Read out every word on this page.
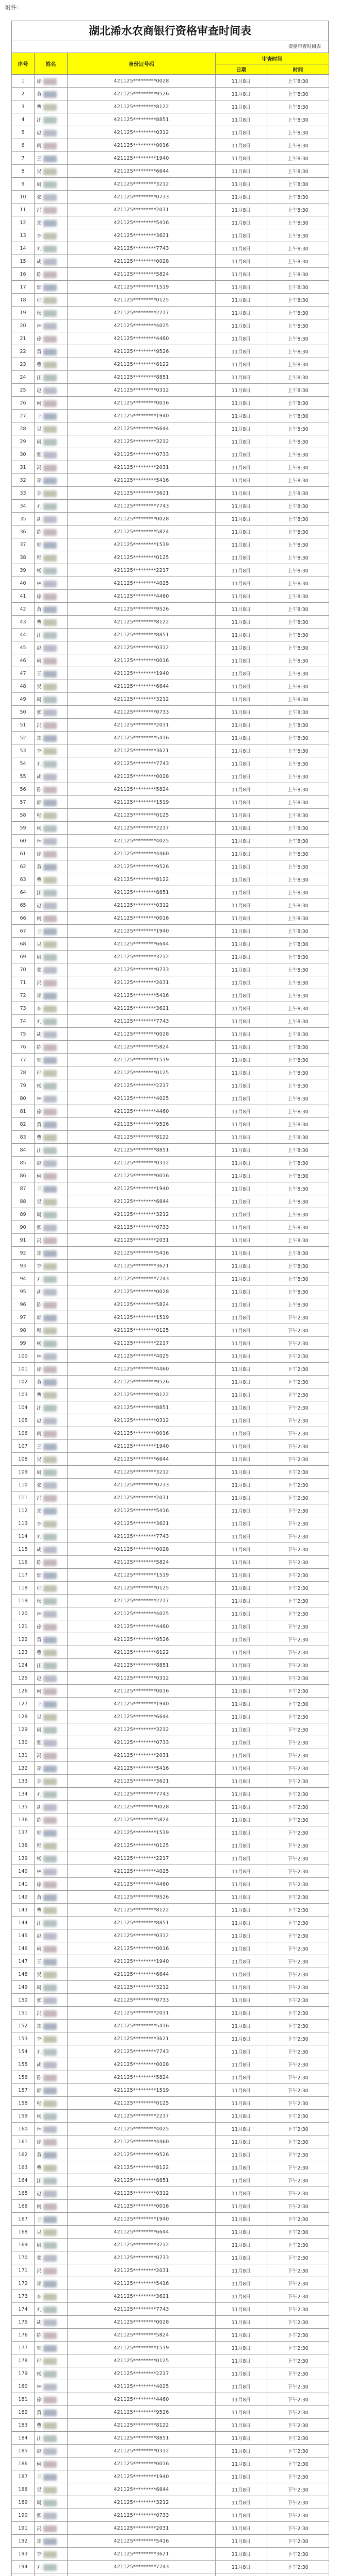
附件:
湖北浠水农商银行资格审查时间表
资格审查时间表
序号	姓名	身份证号码	审查时间	
			日期	时间
1	徐	421125*********0028	11月8日	上午8:30
2	黄	421125*********9526	11月8日	上午8:30
3	曹	421125*********8122	11月8日	上午8:30
4	汪	421125*********8851	11月8日	上午8:30
5	赵	421125*********0312	11月8日	上午8:30
6	何	421125*********0016	11月8日	上午8:30
7	王	421125*********1940	11月8日	上午8:30
8	吴	421125*********6644	11月8日	上午8:30
9	周	421125*********3212	11月8日	上午8:30
10	张	421125*********0733	11月8日	上午8:30
11	冯	421125*********2031	11月8日	上午8:30
12	郑	421125*********5416	11月8日	上午8:30
13	李	421125*********3621	11月8日	上午8:30
14	刘	421125*********7743	11月8日	上午8:30
15	胡	421125*********0028	11月8日	上午8:30
16	陈	421125*********5824	11月8日	上午8:30
17	郭	421125*********1519	11月8日	上午8:30
18	程	421125*********0125	11月8日	上午8:30
19	杨	421125*********2217	11月8日	上午8:30
20	林	421125*********4025	11月8日	上午8:30
21	徐	421125*********4460	11月8日	上午8:30
22	黄	421125*********9526	11月8日	上午8:30
23	曹	421125*********8122	11月8日	上午8:30
24	汪	421125*********8851	11月8日	上午8:30
25	赵	421125*********0312	11月8日	上午8:30
26	何	421125*********0016	11月8日	上午8:30
27	王	421125*********1940	11月8日	上午8:30
28	吴	421125*********6644	11月8日	上午8:30
29	周	421125*********3212	11月8日	上午8:30
30	张	421125*********0733	11月8日	上午8:30
31	冯	421125*********2031	11月8日	上午8:30
32	郑	421125*********5416	11月8日	上午8:30
33	李	421125*********3621	11月8日	上午8:30
34	刘	421125*********7743	11月8日	上午8:30
35	胡	421125*********0028	11月8日	上午8:30
36	陈	421125*********5824	11月8日	上午8:30
37	郭	421125*********1519	11月8日	上午8:30
38	程	421125*********0125	11月8日	上午8:30
39	杨	421125*********2217	11月8日	上午8:30
40	林	421125*********4025	11月8日	上午8:30
41	徐	421125*********4460	11月8日	上午8:30
42	黄	421125*********9526	11月8日	上午8:30
43	曹	421125*********8122	11月8日	上午8:30
44	汪	421125*********8851	11月8日	上午8:30
45	赵	421125*********0312	11月8日	上午8:30
46	何	421125*********0016	11月8日	上午8:30
47	王	421125*********1940	11月8日	上午8:30
48	吴	421125*********6644	11月8日	上午8:30
49	周	421125*********3212	11月8日	上午8:30
50	张	421125*********0733	11月8日	上午8:30
51	冯	421125*********2031	11月8日	上午8:30
52	郑	421125*********5416	11月8日	上午8:30
53	李	421125*********3621	11月8日	上午8:30
54	刘	421125*********7743	11月8日	上午8:30
55	胡	421125*********0028	11月8日	上午8:30
56	陈	421125*********5824	11月8日	上午8:30
57	郭	421125*********1519	11月8日	上午8:30
58	程	421125*********0125	11月8日	上午8:30
59	杨	421125*********2217	11月8日	上午8:30
60	林	421125*********4025	11月8日	上午8:30
61	徐	421125*********4460	11月8日	上午8:30
62	黄	421125*********9526	11月8日	上午8:30
63	曹	421125*********8122	11月8日	上午8:30
64	汪	421125*********8851	11月8日	上午8:30
65	赵	421125*********0312	11月8日	上午8:30
66	何	421125*********0016	11月8日	上午8:30
67	王	421125*********1940	11月8日	上午8:30
68	吴	421125*********6644	11月8日	上午8:30
69	周	421125*********3212	11月8日	上午8:30
70	张	421125*********0733	11月8日	上午8:30
71	冯	421125*********2031	11月8日	上午8:30
72	郑	421125*********5416	11月8日	上午8:30
73	李	421125*********3621	11月8日	上午8:30
74	刘	421125*********7743	11月8日	上午8:30
75	胡	421125*********0028	11月8日	上午8:30
76	陈	421125*********5824	11月8日	上午8:30
77	郭	421125*********1519	11月8日	上午8:30
78	程	421125*********0125	11月8日	上午8:30
79	杨	421125*********2217	11月8日	上午8:30
80	林	421125*********4025	11月8日	上午8:30
81	徐	421125*********4460	11月8日	上午8:30
82	黄	421125*********9526	11月8日	上午8:30
83	曹	421125*********8122	11月8日	上午8:30
84	汪	421125*********8851	11月8日	上午8:30
85	赵	421125*********0312	11月8日	上午8:30
86	何	421125*********0016	11月8日	上午8:30
87	王	421125*********1940	11月8日	上午8:30
88	吴	421125*********6644	11月8日	上午8:30
89	周	421125*********3212	11月8日	上午8:30
90	张	421125*********0733	11月8日	上午8:30
91	冯	421125*********2031	11月8日	上午8:30
92	郑	421125*********5416	11月8日	上午8:30
93	李	421125*********3621	11月8日	上午8:30
94	刘	421125*********7743	11月8日	上午8:30
95	胡	421125*********0028	11月8日	上午8:30
96	陈	421125*********5824	11月8日	上午8:30
97	郭	421125*********1519	11月8日	下午2:30
98	程	421125*********0125	11月8日	下午2:30
99	杨	421125*********2217	11月8日	下午2:30
100	林	421125*********4025	11月8日	下午2:30
101	徐	421125*********4460	11月8日	下午2:30
102	黄	421125*********9526	11月8日	下午2:30
103	曹	421125*********8122	11月8日	下午2:30
104	汪	421125*********8851	11月8日	下午2:30
105	赵	421125*********0312	11月8日	下午2:30
106	何	421125*********0016	11月8日	下午2:30
107	王	421125*********1940	11月8日	下午2:30
108	吴	421125*********6644	11月8日	下午2:30
109	周	421125*********3212	11月8日	下午2:30
110	张	421125*********0733	11月8日	下午2:30
111	冯	421125*********2031	11月8日	下午2:30
112	郑	421125*********5416	11月8日	下午2:30
113	李	421125*********3621	11月8日	下午2:30
114	刘	421125*********7743	11月8日	下午2:30
115	胡	421125*********0028	11月8日	下午2:30
116	陈	421125*********5824	11月8日	下午2:30
117	郭	421125*********1519	11月8日	下午2:30
118	程	421125*********0125	11月8日	下午2:30
119	杨	421125*********2217	11月8日	下午2:30
120	林	421125*********4025	11月8日	下午2:30
121	徐	421125*********4460	11月8日	下午2:30
122	黄	421125*********9526	11月8日	下午2:30
123	曹	421125*********8122	11月8日	下午2:30
124	汪	421125*********8851	11月8日	下午2:30
125	赵	421125*********0312	11月8日	下午2:30
126	何	421125*********0016	11月8日	下午2:30
127	王	421125*********1940	11月8日	下午2:30
128	吴	421125*********6644	11月8日	下午2:30
129	周	421125*********3212	11月8日	下午2:30
130	张	421125*********0733	11月8日	下午2:30
131	冯	421125*********2031	11月8日	下午2:30
132	郑	421125*********5416	11月8日	下午2:30
133	李	421125*********3621	11月8日	下午2:30
134	刘	421125*********7743	11月8日	下午2:30
135	胡	421125*********0028	11月8日	下午2:30
136	陈	421125*********5824	11月8日	下午2:30
137	郭	421125*********1519	11月8日	下午2:30
138	程	421125*********0125	11月8日	下午2:30
139	杨	421125*********2217	11月8日	下午2:30
140	林	421125*********4025	11月8日	下午2:30
141	徐	421125*********4460	11月8日	下午2:30
142	黄	421125*********9526	11月8日	下午2:30
143	曹	421125*********8122	11月8日	下午2:30
144	汪	421125*********8851	11月8日	下午2:30
145	赵	421125*********0312	11月8日	下午2:30
146	何	421125*********0016	11月8日	下午2:30
147	王	421125*********1940	11月8日	下午2:30
148	吴	421125*********6644	11月8日	下午2:30
149	周	421125*********3212	11月8日	下午2:30
150	张	421125*********0733	11月8日	下午2:30
151	冯	421125*********2031	11月8日	下午2:30
152	郑	421125*********5416	11月8日	下午2:30
153	李	421125*********3621	11月8日	下午2:30
154	刘	421125*********7743	11月8日	下午2:30
155	胡	421125*********0028	11月8日	下午2:30
156	陈	421125*********5824	11月8日	下午2:30
157	郭	421125*********1519	11月8日	下午2:30
158	程	421125*********0125	11月8日	下午2:30
159	杨	421125*********2217	11月8日	下午2:30
160	林	421125*********4025	11月8日	下午2:30
161	徐	421125*********4460	11月8日	下午2:30
162	黄	421125*********9526	11月8日	下午2:30
163	曹	421125*********8122	11月8日	下午2:30
164	汪	421125*********8851	11月8日	下午2:30
165	赵	421125*********0312	11月8日	下午2:30
166	何	421125*********0016	11月8日	下午2:30
167	王	421125*********1940	11月8日	下午2:30
168	吴	421125*********6644	11月8日	下午2:30
169	周	421125*********3212	11月8日	下午2:30
170	张	421125*********0733	11月8日	下午2:30
171	冯	421125*********2031	11月8日	下午2:30
172	郑	421125*********5416	11月8日	下午2:30
173	李	421125*********3621	11月8日	下午2:30
174	刘	421125*********7743	11月8日	下午2:30
175	胡	421125*********0028	11月8日	下午2:30
176	陈	421125*********5824	11月8日	下午2:30
177	郭	421125*********1519	11月8日	下午2:30
178	程	421125*********0125	11月8日	下午2:30
179	杨	421125*********2217	11月8日	下午2:30
180	林	421125*********4025	11月8日	下午2:30
181	徐	421125*********4460	11月8日	下午2:30
182	黄	421125*********9526	11月8日	下午2:30
183	曹	421125*********8122	11月8日	下午2:30
184	汪	421125*********8851	11月8日	下午2:30
185	赵	421125*********0312	11月8日	下午2:30
186	何	421125*********0016	11月8日	下午2:30
187	王	421125*********1940	11月8日	下午2:30
188	吴	421125*********6644	11月8日	下午2:30
189	周	421125*********3212	11月8日	下午2:30
190	张	421125*********0733	11月8日	下午2:30
191	冯	421125*********2031	11月8日	下午2:30
192	郑	421125*********5416	11月8日	下午2:30
193	李	421125*********3621	11月8日	下午2:30
194	刘	421125*********7743	11月8日	下午2:30
